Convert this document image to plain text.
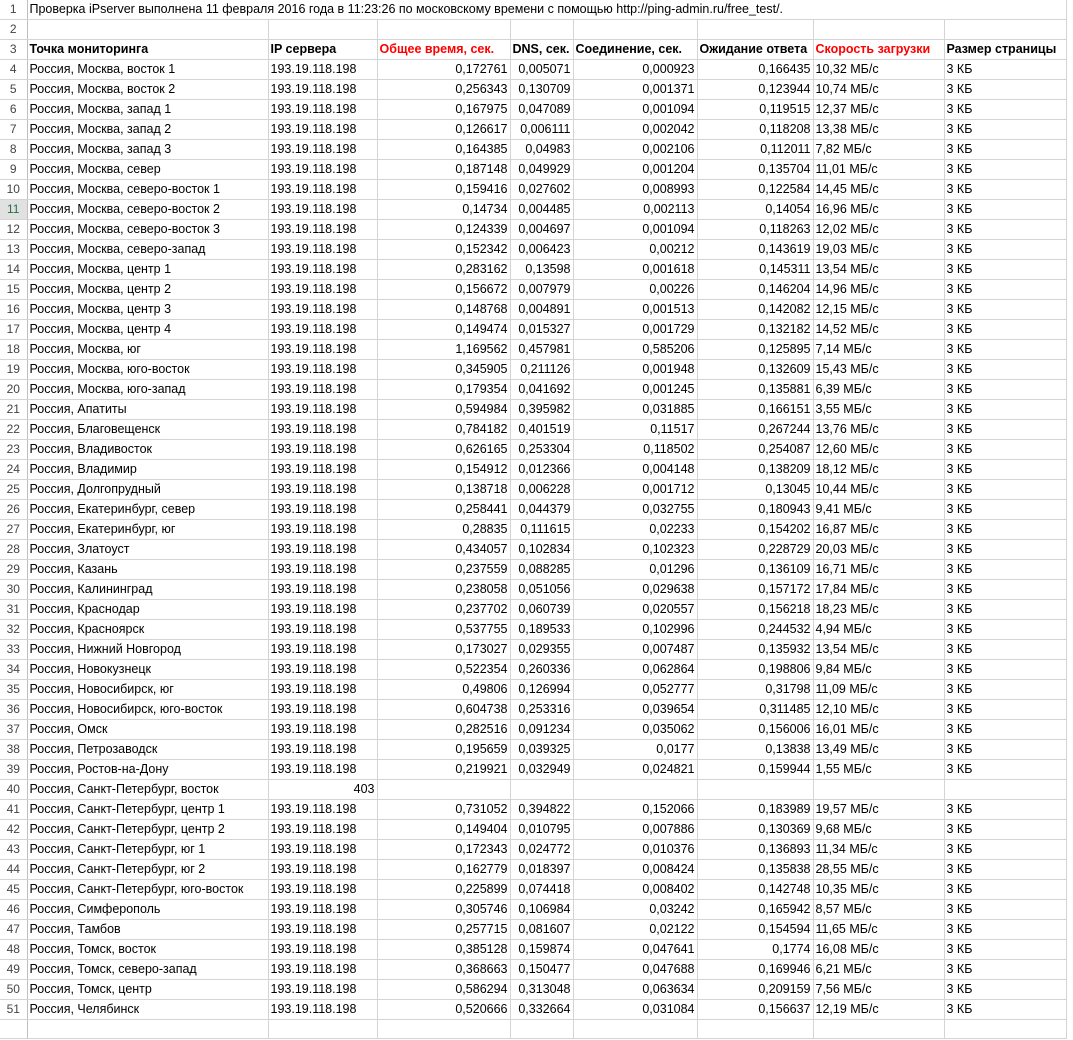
1	Проверка iPserver выполнена 11 февраля 2016 года в 11:23:26 по московскому времени с помощью http://ping-admin.ru/free_test/.							
2								
3	Точка мониторинга	IP сервера	Общее время, сек.	DNS, сек.	Соединение, сек.	Ожидание ответа	Скорость загрузки	Размер страницы
4	Россия, Москва, восток 1	193.19.118.198	0,172761	0,005071	0,000923	0,166435	10,32 МБ/с	3 КБ
5	Россия, Москва, восток 2	193.19.118.198	0,256343	0,130709	0,001371	0,123944	10,74 МБ/с	3 КБ
6	Россия, Москва, запад 1	193.19.118.198	0,167975	0,047089	0,001094	0,119515	12,37 МБ/с	3 КБ
7	Россия, Москва, запад 2	193.19.118.198	0,126617	0,006111	0,002042	0,118208	13,38 МБ/с	3 КБ
8	Россия, Москва, запад 3	193.19.118.198	0,164385	0,04983	0,002106	0,112011	7,82 МБ/с	3 КБ
9	Россия, Москва, север	193.19.118.198	0,187148	0,049929	0,001204	0,135704	11,01 МБ/с	3 КБ
10	Россия, Москва, северо-восток 1	193.19.118.198	0,159416	0,027602	0,008993	0,122584	14,45 МБ/с	3 КБ
11	Россия, Москва, северо-восток 2	193.19.118.198	0,14734	0,004485	0,002113	0,14054	16,96 МБ/с	3 КБ
12	Россия, Москва, северо-восток 3	193.19.118.198	0,124339	0,004697	0,001094	0,118263	12,02 МБ/с	3 КБ
13	Россия, Москва, северо-запад	193.19.118.198	0,152342	0,006423	0,00212	0,143619	19,03 МБ/с	3 КБ
14	Россия, Москва, центр 1	193.19.118.198	0,283162	0,13598	0,001618	0,145311	13,54 МБ/с	3 КБ
15	Россия, Москва, центр 2	193.19.118.198	0,156672	0,007979	0,00226	0,146204	14,96 МБ/с	3 КБ
16	Россия, Москва, центр 3	193.19.118.198	0,148768	0,004891	0,001513	0,142082	12,15 МБ/с	3 КБ
17	Россия, Москва, центр 4	193.19.118.198	0,149474	0,015327	0,001729	0,132182	14,52 МБ/с	3 КБ
18	Россия, Москва, юг	193.19.118.198	1,169562	0,457981	0,585206	0,125895	7,14 МБ/с	3 КБ
19	Россия, Москва, юго-восток	193.19.118.198	0,345905	0,211126	0,001948	0,132609	15,43 МБ/с	3 КБ
20	Россия, Москва, юго-запад	193.19.118.198	0,179354	0,041692	0,001245	0,135881	6,39 МБ/с	3 КБ
21	Россия, Апатиты	193.19.118.198	0,594984	0,395982	0,031885	0,166151	3,55 МБ/с	3 КБ
22	Россия, Благовещенск	193.19.118.198	0,784182	0,401519	0,11517	0,267244	13,76 МБ/с	3 КБ
23	Россия, Владивосток	193.19.118.198	0,626165	0,253304	0,118502	0,254087	12,60 МБ/с	3 КБ
24	Россия, Владимир	193.19.118.198	0,154912	0,012366	0,004148	0,138209	18,12 МБ/с	3 КБ
25	Россия, Долгопрудный	193.19.118.198	0,138718	0,006228	0,001712	0,13045	10,44 МБ/с	3 КБ
26	Россия, Екатеринбург, север	193.19.118.198	0,258441	0,044379	0,032755	0,180943	9,41 МБ/с	3 КБ
27	Россия, Екатеринбург, юг	193.19.118.198	0,28835	0,111615	0,02233	0,154202	16,87 МБ/с	3 КБ
28	Россия, Златоуст	193.19.118.198	0,434057	0,102834	0,102323	0,228729	20,03 МБ/с	3 КБ
29	Россия, Казань	193.19.118.198	0,237559	0,088285	0,01296	0,136109	16,71 МБ/с	3 КБ
30	Россия, Калининград	193.19.118.198	0,238058	0,051056	0,029638	0,157172	17,84 МБ/с	3 КБ
31	Россия, Краснодар	193.19.118.198	0,237702	0,060739	0,020557	0,156218	18,23 МБ/с	3 КБ
32	Россия, Красноярск	193.19.118.198	0,537755	0,189533	0,102996	0,244532	4,94 МБ/с	3 КБ
33	Россия, Нижний Новгород	193.19.118.198	0,173027	0,029355	0,007487	0,135932	13,54 МБ/с	3 КБ
34	Россия, Новокузнецк	193.19.118.198	0,522354	0,260336	0,062864	0,198806	9,84 МБ/с	3 КБ
35	Россия, Новосибирск, юг	193.19.118.198	0,49806	0,126994	0,052777	0,31798	11,09 МБ/с	3 КБ
36	Россия, Новосибирск, юго-восток	193.19.118.198	0,604738	0,253316	0,039654	0,311485	12,10 МБ/с	3 КБ
37	Россия, Омск	193.19.118.198	0,282516	0,091234	0,035062	0,156006	16,01 МБ/с	3 КБ
38	Россия, Петрозаводск	193.19.118.198	0,195659	0,039325	0,0177	0,13838	13,49 МБ/с	3 КБ
39	Россия, Ростов-на-Дону	193.19.118.198	0,219921	0,032949	0,024821	0,159944	1,55 МБ/с	3 КБ
40	Россия, Санкт-Петербург, восток	403						
41	Россия, Санкт-Петербург, центр 1	193.19.118.198	0,731052	0,394822	0,152066	0,183989	19,57 МБ/с	3 КБ
42	Россия, Санкт-Петербург, центр 2	193.19.118.198	0,149404	0,010795	0,007886	0,130369	9,68 МБ/с	3 КБ
43	Россия, Санкт-Петербург, юг 1	193.19.118.198	0,172343	0,024772	0,010376	0,136893	11,34 МБ/с	3 КБ
44	Россия, Санкт-Петербург, юг 2	193.19.118.198	0,162779	0,018397	0,008424	0,135838	28,55 МБ/с	3 КБ
45	Россия, Санкт-Петербург, юго-восток	193.19.118.198	0,225899	0,074418	0,008402	0,142748	10,35 МБ/с	3 КБ
46	Россия, Симферополь	193.19.118.198	0,305746	0,106984	0,03242	0,165942	8,57 МБ/с	3 КБ
47	Россия, Тамбов	193.19.118.198	0,257715	0,081607	0,02122	0,154594	11,65 МБ/с	3 КБ
48	Россия, Томск, восток	193.19.118.198	0,385128	0,159874	0,047641	0,1774	16,08 МБ/с	3 КБ
49	Россия, Томск, северо-запад	193.19.118.198	0,368663	0,150477	0,047688	0,169946	6,21 МБ/с	3 КБ
50	Россия, Томск, центр	193.19.118.198	0,586294	0,313048	0,063634	0,209159	7,56 МБ/с	3 КБ
51	Россия, Челябинск	193.19.118.198	0,520666	0,332664	0,031084	0,156637	12,19 МБ/с	3 КБ
